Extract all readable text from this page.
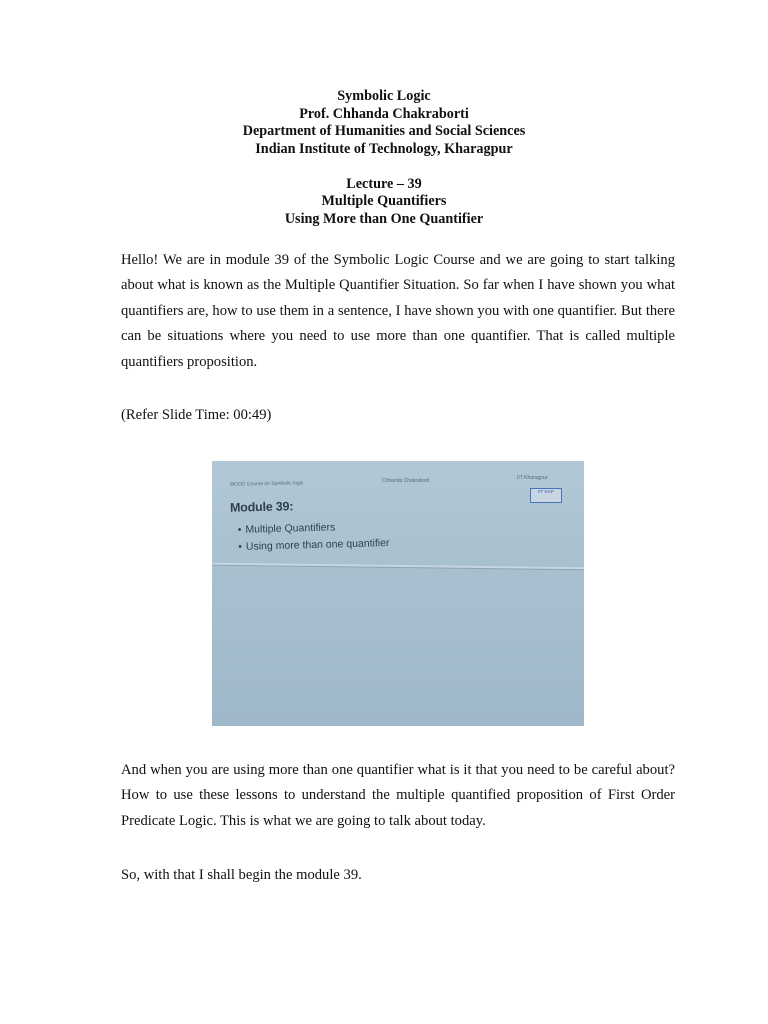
Symbolic Logic
Prof. Chhanda Chakraborti
Department of Humanities and Social Sciences
Indian Institute of Technology, Kharagpur
Lecture – 39
Multiple Quantifiers
Using More than One Quantifier

Hello! We are in module 39 of the Symbolic Logic Course and we are going to start talking about what is known as the Multiple Quantifier Situation. So far when I have shown you what quantifiers are, how to use them in a sentence, I have shown you with one quantifier. But there can be situations where you need to use more than one quantifier. That is called multiple quantifiers proposition.

(Refer Slide Time: 00:49)

MOOC Course on Symbolic logic	Chhanda Chakraborti	IIT Kharagpur
IIT KGP
Module 39:
• Multiple Quantifiers
• Using more than one quantifier

And when you are using more than one quantifier what is it that you need to be careful about? How to use these lessons to understand the multiple quantified proposition of First Order Predicate Logic. This is what we are going to talk about today.

So, with that I shall begin the module 39.
